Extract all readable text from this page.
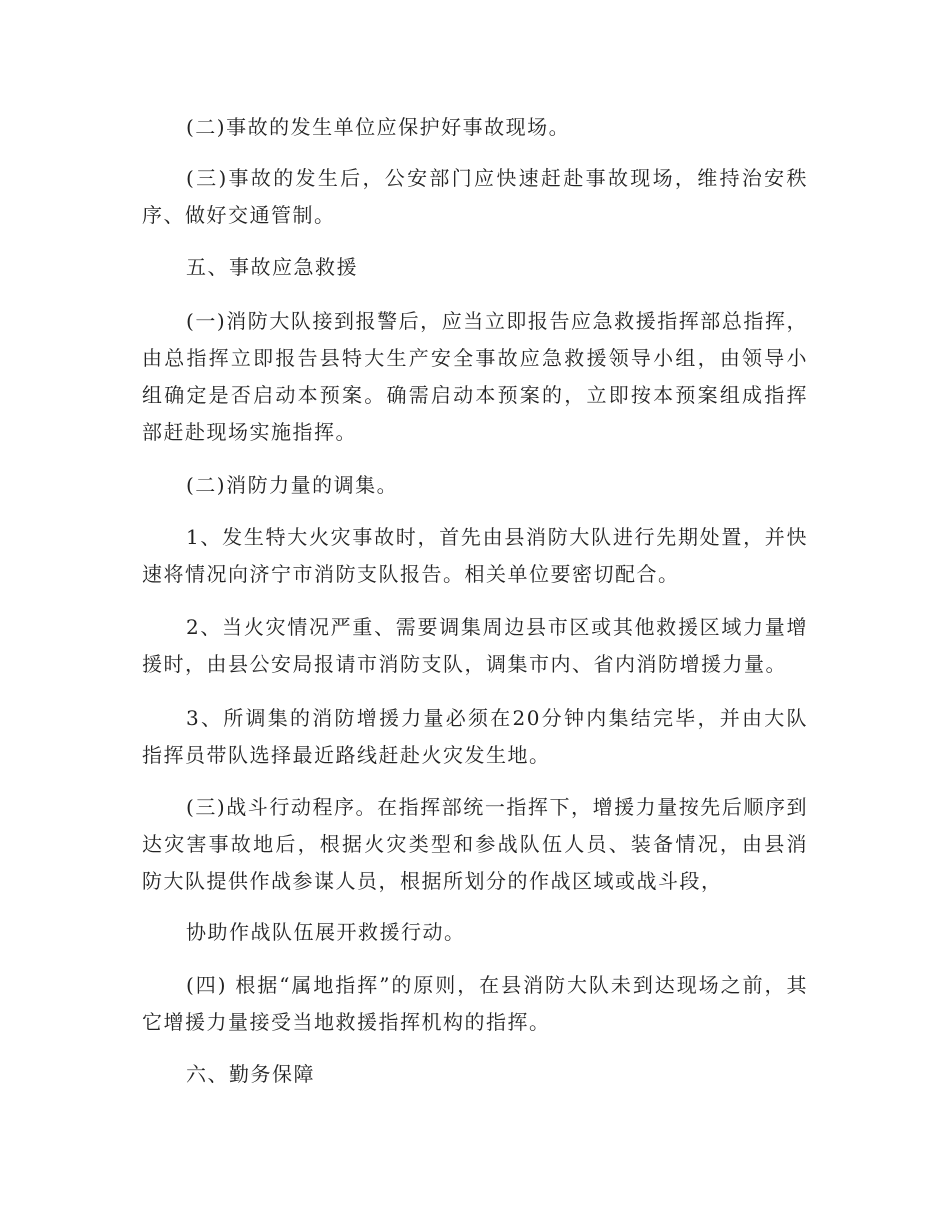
(二)事故的发生单位应保护好事故现场。

(三)事故的发生后，公安部门应快速赶赴事故现场，维持治安秩序、做好交通管制。

五、事故应急救援

(一)消防大队接到报警后，应当立即报告应急救援指挥部总指挥，由总指挥立即报告县特大生产安全事故应急救援领导小组，由领导小组确定是否启动本预案。确需启动本预案的，立即按本预案组成指挥部赶赴现场实施指挥。

(二)消防力量的调集。

1、发生特大火灾事故时，首先由县消防大队进行先期处置，并快速将情况向济宁市消防支队报告。相关单位要密切配合。

2、当火灾情况严重、需要调集周边县市区或其他救援区域力量增援时，由县公安局报请市消防支队，调集市内、省内消防增援力量。

3、所调集的消防增援力量必须在20分钟内集结完毕，并由大队指挥员带队选择最近路线赶赴火灾发生地。

(三)战斗行动程序。在指挥部统一指挥下，增援力量按先后顺序到达灾害事故地后，根据火灾类型和参战队伍人员、装备情况，由县消防大队提供作战参谋人员，根据所划分的作战区域或战斗段，

协助作战队伍展开救援行动。

(四) 根据“属地指挥”的原则，在县消防大队未到达现场之前，其它增援力量接受当地救援指挥机构的指挥。

六、勤务保障
